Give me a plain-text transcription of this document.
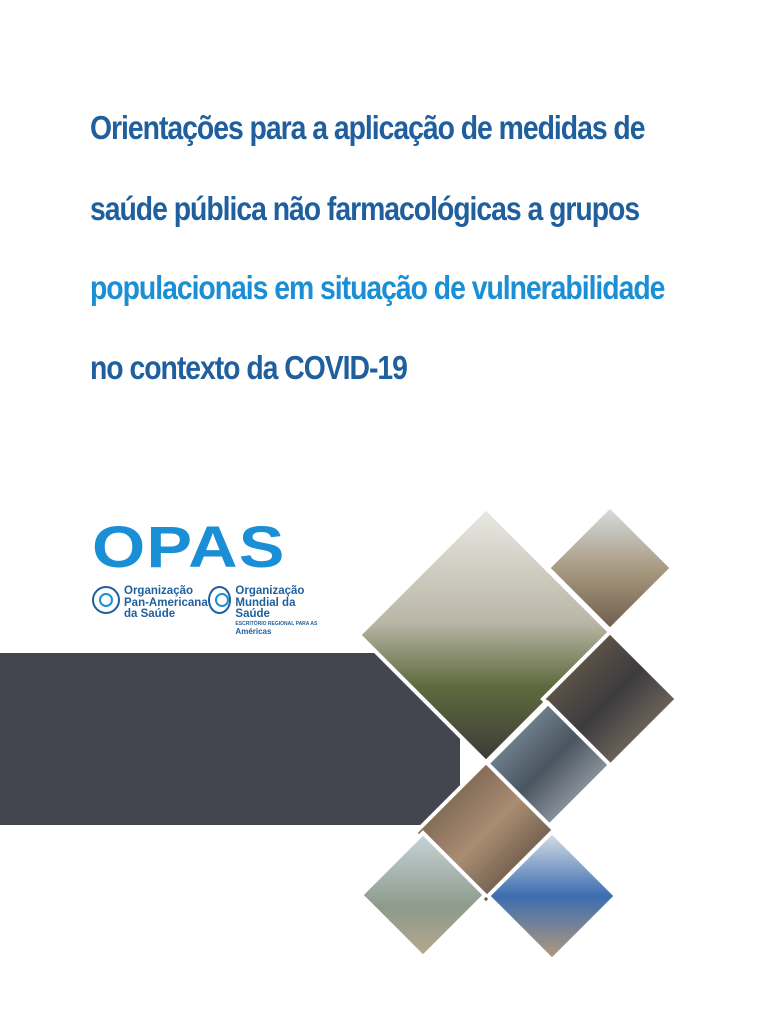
Orientações para a aplicação de medidas de
saúde pública não farmacológicas a grupos
populacionais em situação de vulnerabilidade
no contexto da COVID-19
OPAS
Organização
Pan-Americana
da Saúde
Organização
Mundial da Saúde
ESCRITÓRIO REGIONAL PARA AS Américas
